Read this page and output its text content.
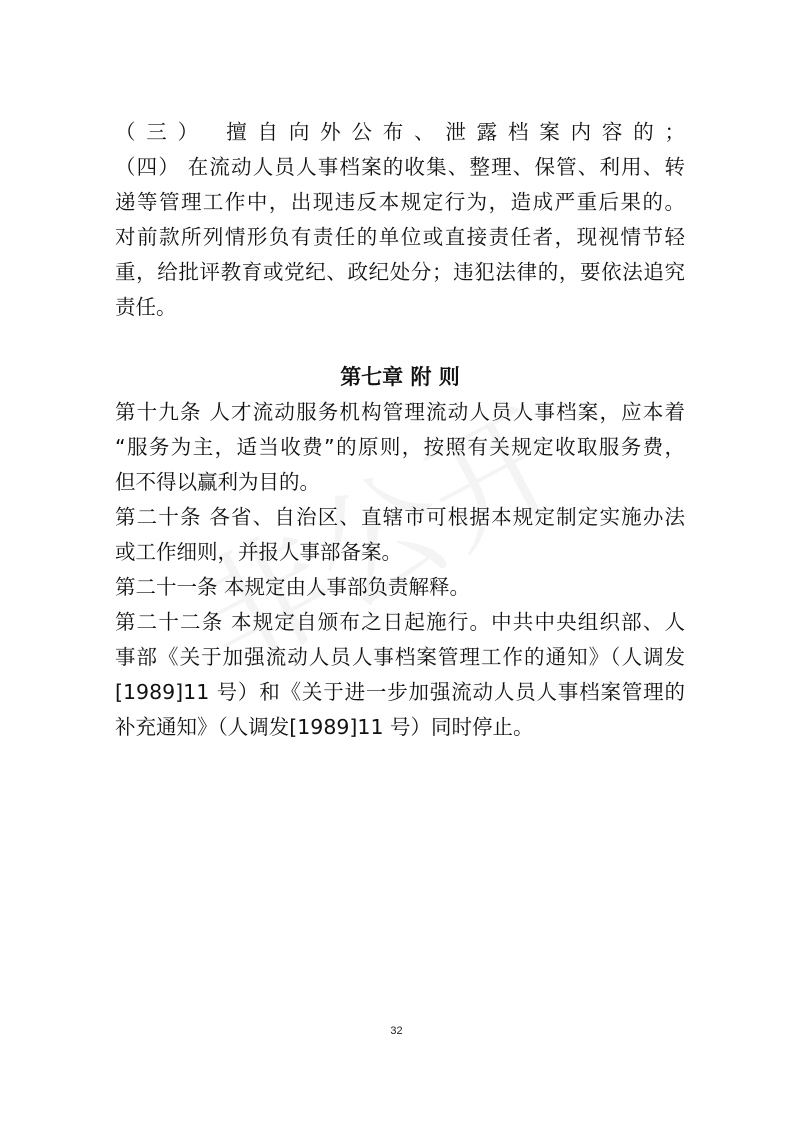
（三） 擅自向外公布、泄露档案内容的；
（四） 在流动人员人事档案的收集、整理、保管、利用、转
递等管理工作中，出现违反本规定行为，造成严重后果的。
对前款所列情形负有责任的单位或直接责任者，现视情节轻
重，给批评教育或党纪、政纪处分；违犯法律的，要依法追究
责任。
第七章 附 则
第十九条 人才流动服务机构管理流动人员人事档案，应本着
“服务为主，适当收费”的原则，按照有关规定收取服务费，
但不得以赢利为目的。
第二十条 各省、自治区、直辖市可根据本规定制定实施办法
或工作细则，并报人事部备案。
第二十一条 本规定由人事部负责解释。
第二十二条 本规定自颁布之日起施行。中共中央组织部、人
事部《关于加强流动人员人事档案管理工作的通知》（人调发
[1989]11 号）和《关于进一步加强流动人员人事档案管理的
补充通知》（人调发[1989]11 号）同时停止。
32
